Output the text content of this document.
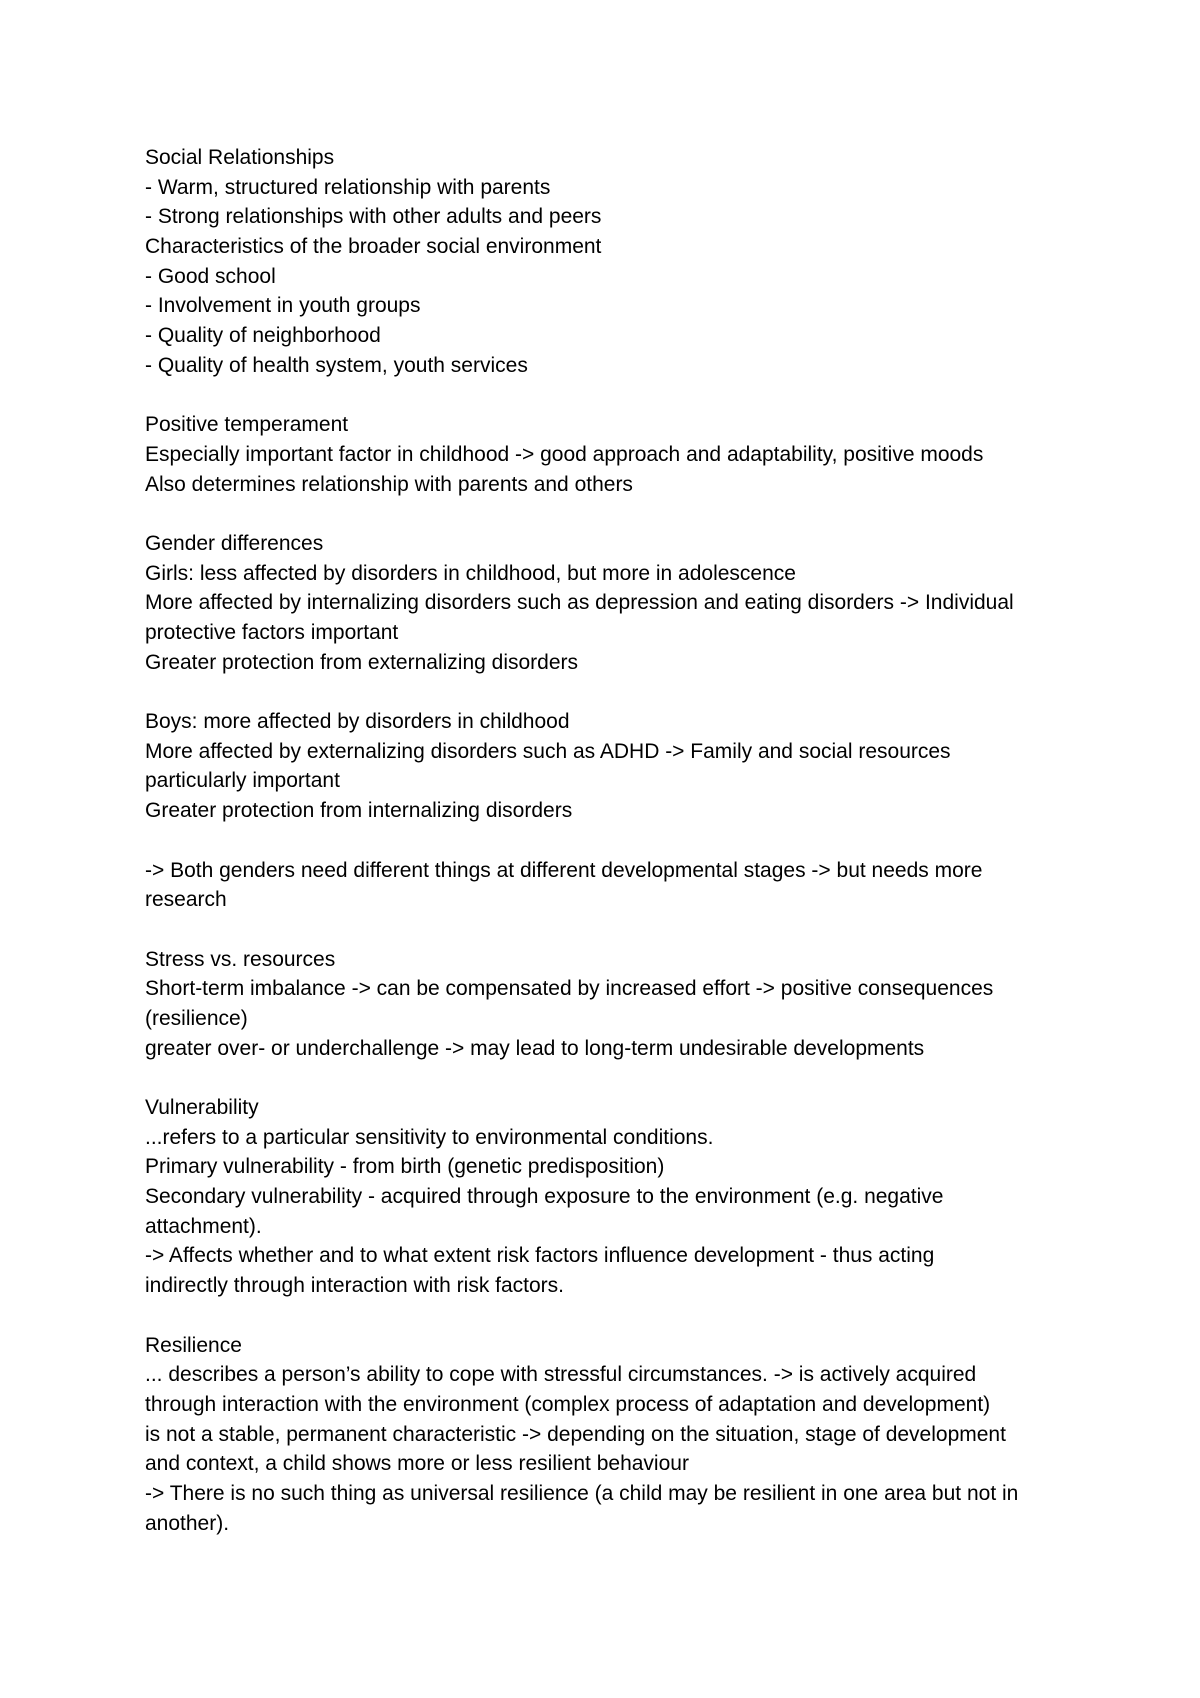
Social Relationships
- Warm, structured relationship with parents
- Strong relationships with other adults and peers
Characteristics of the broader social environment
- Good school
- Involvement in youth groups
- Quality of neighborhood
- Quality of health system, youth services
Positive temperament
Especially important factor in childhood -> good approach and adaptability, positive moods
Also determines relationship with parents and others
Gender differences
Girls: less affected by disorders in childhood, but more in adolescence
More affected by internalizing disorders such as depression and eating disorders -> Individual
protective factors important
Greater protection from externalizing disorders
Boys: more affected by disorders in childhood
More affected by externalizing disorders such as ADHD -> Family and social resources
particularly important
Greater protection from internalizing disorders
-> Both genders need different things at different developmental stages -> but needs more
research
Stress vs. resources
Short-term imbalance -> can be compensated by increased effort -> positive consequences
(resilience)
greater over- or underchallenge -> may lead to long-term undesirable developments
Vulnerability
...refers to a particular sensitivity to environmental conditions.
Primary vulnerability - from birth (genetic predisposition)
Secondary vulnerability - acquired through exposure to the environment (e.g. negative
attachment).
-> Affects whether and to what extent risk factors influence development - thus acting
indirectly through interaction with risk factors.
Resilience
... describes a person’s ability to cope with stressful circumstances. -> is actively acquired
through interaction with the environment (complex process of adaptation and development)
is not a stable, permanent characteristic -> depending on the situation, stage of development
and context, a child shows more or less resilient behaviour
-> There is no such thing as universal resilience (a child may be resilient in one area but not in
another).
